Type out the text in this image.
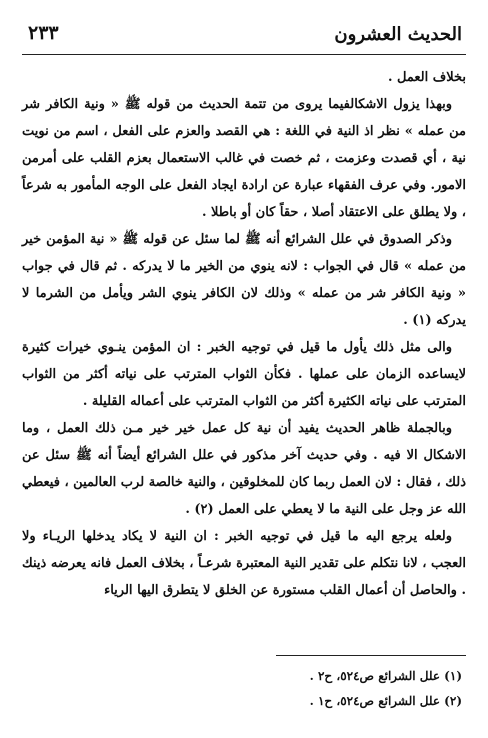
الحديث العشرون
٢٣٣

بخلاف العمل .

وبهذا يزول الاشكالفيما يروى من تتمة الحديث من قوله ﷺ « ونية الكافر شر من عمله » نظر اذ النية في اللغة : هي القصد والعزم على الفعل ، اسم من نويت نية ، أي قصدت وعزمت ، ثم خصت في غالب الاستعمال بعزم القلب على أمرمن الامور. وفي عرف الفقهاء عبارة عن ارادة ايجاد الفعل على الوجه المأمور به شرعاً ، ولا يطلق على الاعتقاد أصلا ، حقاً كان أو باطلا .

وذكر الصدوق في علل الشرائع أنه ﷺ لما سئل عن قوله ﷺ « نية المؤمن خير من عمله » قال في الجواب : لانه ينوي من الخير ما لا يدركه . ثم قال في جواب « ونية الكافر شر من عمله » وذلك لان الكافر ينوي الشر ويأمل من الشرما لا يدركه (١) .

والى مثل ذلك يأول ما قيل في توجيه الخبر : ان المؤمن ينـوي خيرات كثيرة لايساعده الزمان على عملها . فكأن الثواب المترتب على نياته أكثر من الثواب المترتب على نياته الكثيرة أكثر من الثواب المترتب على أعماله القليلة .

وبالجملة ظاهر الحديث يفيد أن نية كل عمل خير خير مـن ذلك العمل ، وما الاشكال الا فيه . وفي حديث آخر مذكور في علل الشرائع أيضاً أنه ﷺ سئل عن ذلك ، فقال : لان العمل ربما كان للمخلوقين ، والنية خالصة لرب العالمين ، فيعطي الله عز وجل على النية ما لا يعطي على العمل (٢) .

ولعله يرجع اليه ما قيل في توجيه الخبر : ان النية لا يكاد يدخلها الريـاء ولا العجب ، لانا نتكلم على تقدير النية المعتبرة شرعـاً ، بخلاف العمل فانه يعرضه ذينك . والحاصل أن أعمال القلب مستورة عن الخلق لا يتطرق اليها الرياء

(١) علل الشرائع ص٥٢٤، ح٢ .
(٢) علل الشرائع ص٥٢٤، ح١ .
